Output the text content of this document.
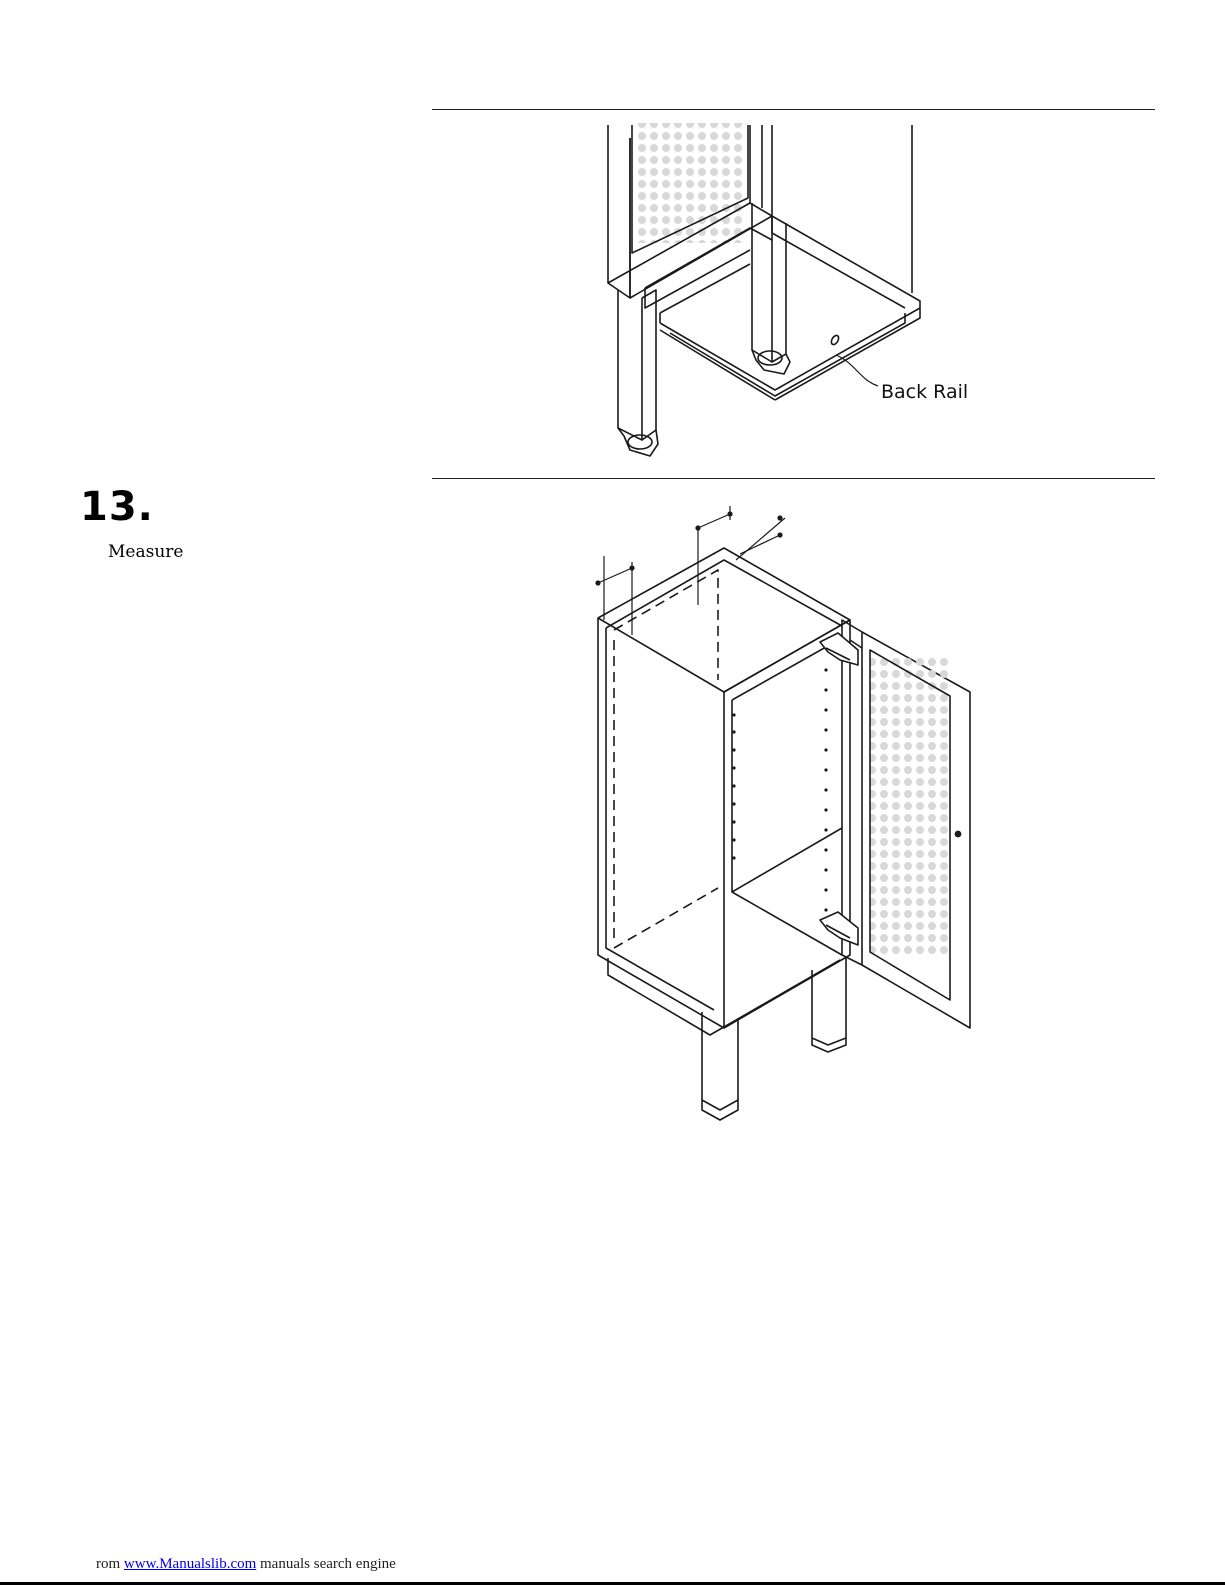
Back Rail
13.
Measure
rom www.Manualslib.com manuals search engine
